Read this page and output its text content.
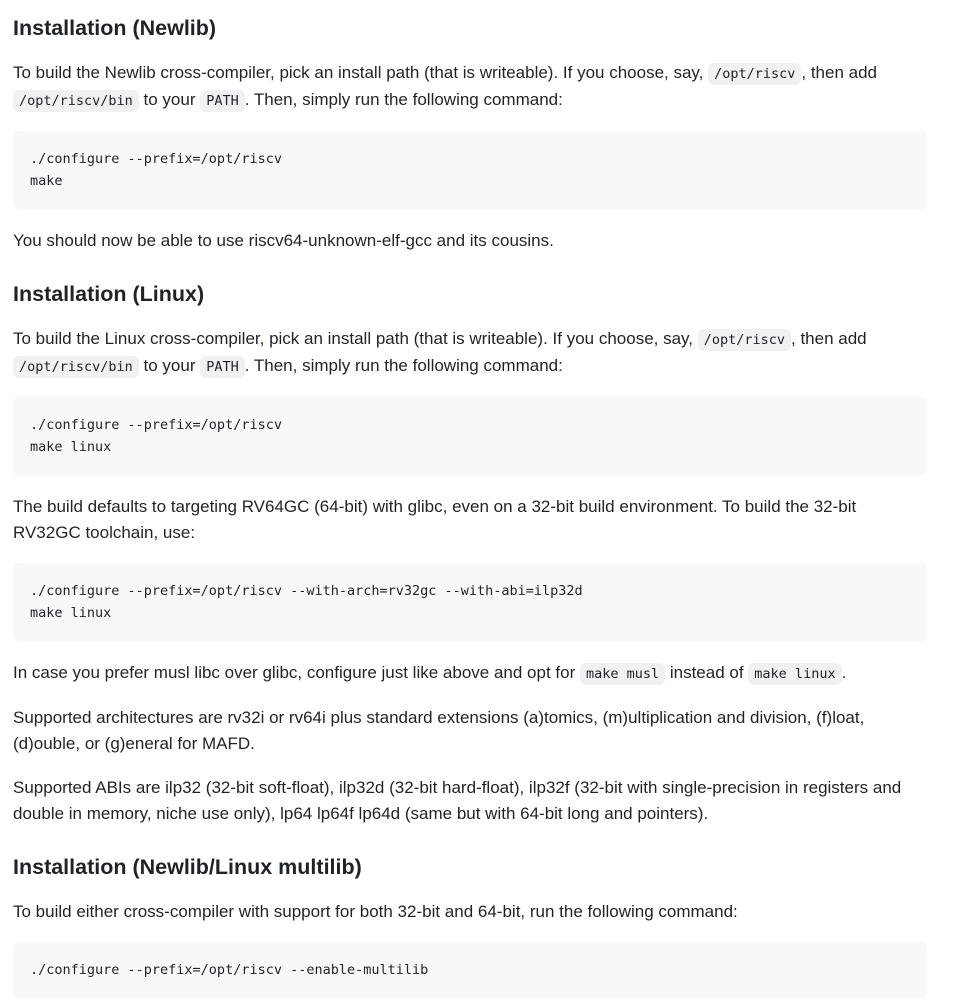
Installation (Newlib)

To build the Newlib cross-compiler, pick an install path (that is writeable). If you choose, say, /opt/riscv , then add
/opt/riscv/bin to your PATH . Then, simply run the following command:

./configure --prefix=/opt/riscv
make

You should now be able to use riscv64-unknown-elf-gcc and its cousins.

Installation (Linux)

To build the Linux cross-compiler, pick an install path (that is writeable). If you choose, say, /opt/riscv , then add
/opt/riscv/bin to your PATH . Then, simply run the following command:

./configure --prefix=/opt/riscv
make linux

The build defaults to targeting RV64GC (64-bit) with glibc, even on a 32-bit build environment. To build the 32-bit RV32GC toolchain, use:

./configure --prefix=/opt/riscv --with-arch=rv32gc --with-abi=ilp32d
make linux

In case you prefer musl libc over glibc, configure just like above and opt for make musl instead of make linux .

Supported architectures are rv32i or rv64i plus standard extensions (a)tomics, (m)ultiplication and division, (f)loat, (d)ouble, or (g)eneral for MAFD.

Supported ABIs are ilp32 (32-bit soft-float), ilp32d (32-bit hard-float), ilp32f (32-bit with single-precision in registers and double in memory, niche use only), lp64 lp64f lp64d (same but with 64-bit long and pointers).

Installation (Newlib/Linux multilib)

To build either cross-compiler with support for both 32-bit and 64-bit, run the following command:

./configure --prefix=/opt/riscv --enable-multilib
